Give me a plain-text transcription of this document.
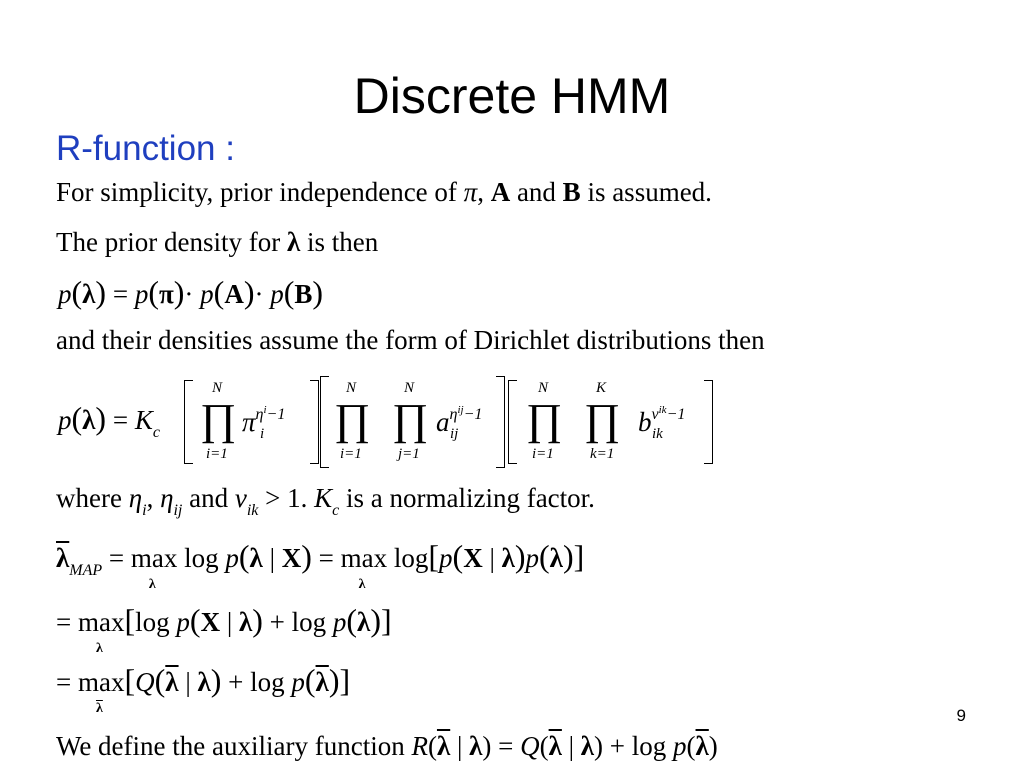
Discrete HMM
R-function :
For simplicity, prior independence of π, A and B is assumed.
The prior density for λ is then
p(λ) = p(π)· p(A)· p(B)
and their densities assume the form of Dirichlet distributions then
$p(\lambda) = K_c$
N
∏
i=1
$\pi^{\eta^i-1}$
i
N
∏
i=1
N
∏
j=1
$a^{\eta^{ij}-1}$
ij
N
∏
i=1
K
∏
k=1
$b^{\nu^{ik}-1}$
ik
where $\eta_i$, $\eta_{ij}$ and $\nu_{ik} > 1$. $K_c$ is a normalizing factor.
$\overline{\lambda}_{MAP} = \max$
λ
log p(λ | X) = max
λ
log[p(X | λ)p(λ)]
= max
λ
[log p(X | λ) + log p(λ)]
= max
$\overline{\lambda}$
[$Q(\overline{\lambda}$ | $\lambda) + \log p(\overline{\lambda})$]
We define the auxiliary function $R(\overline{\lambda}$ | $\lambda) = Q(\overline{\lambda}$ | $\lambda) + \log p(\overline{\lambda})$
9
